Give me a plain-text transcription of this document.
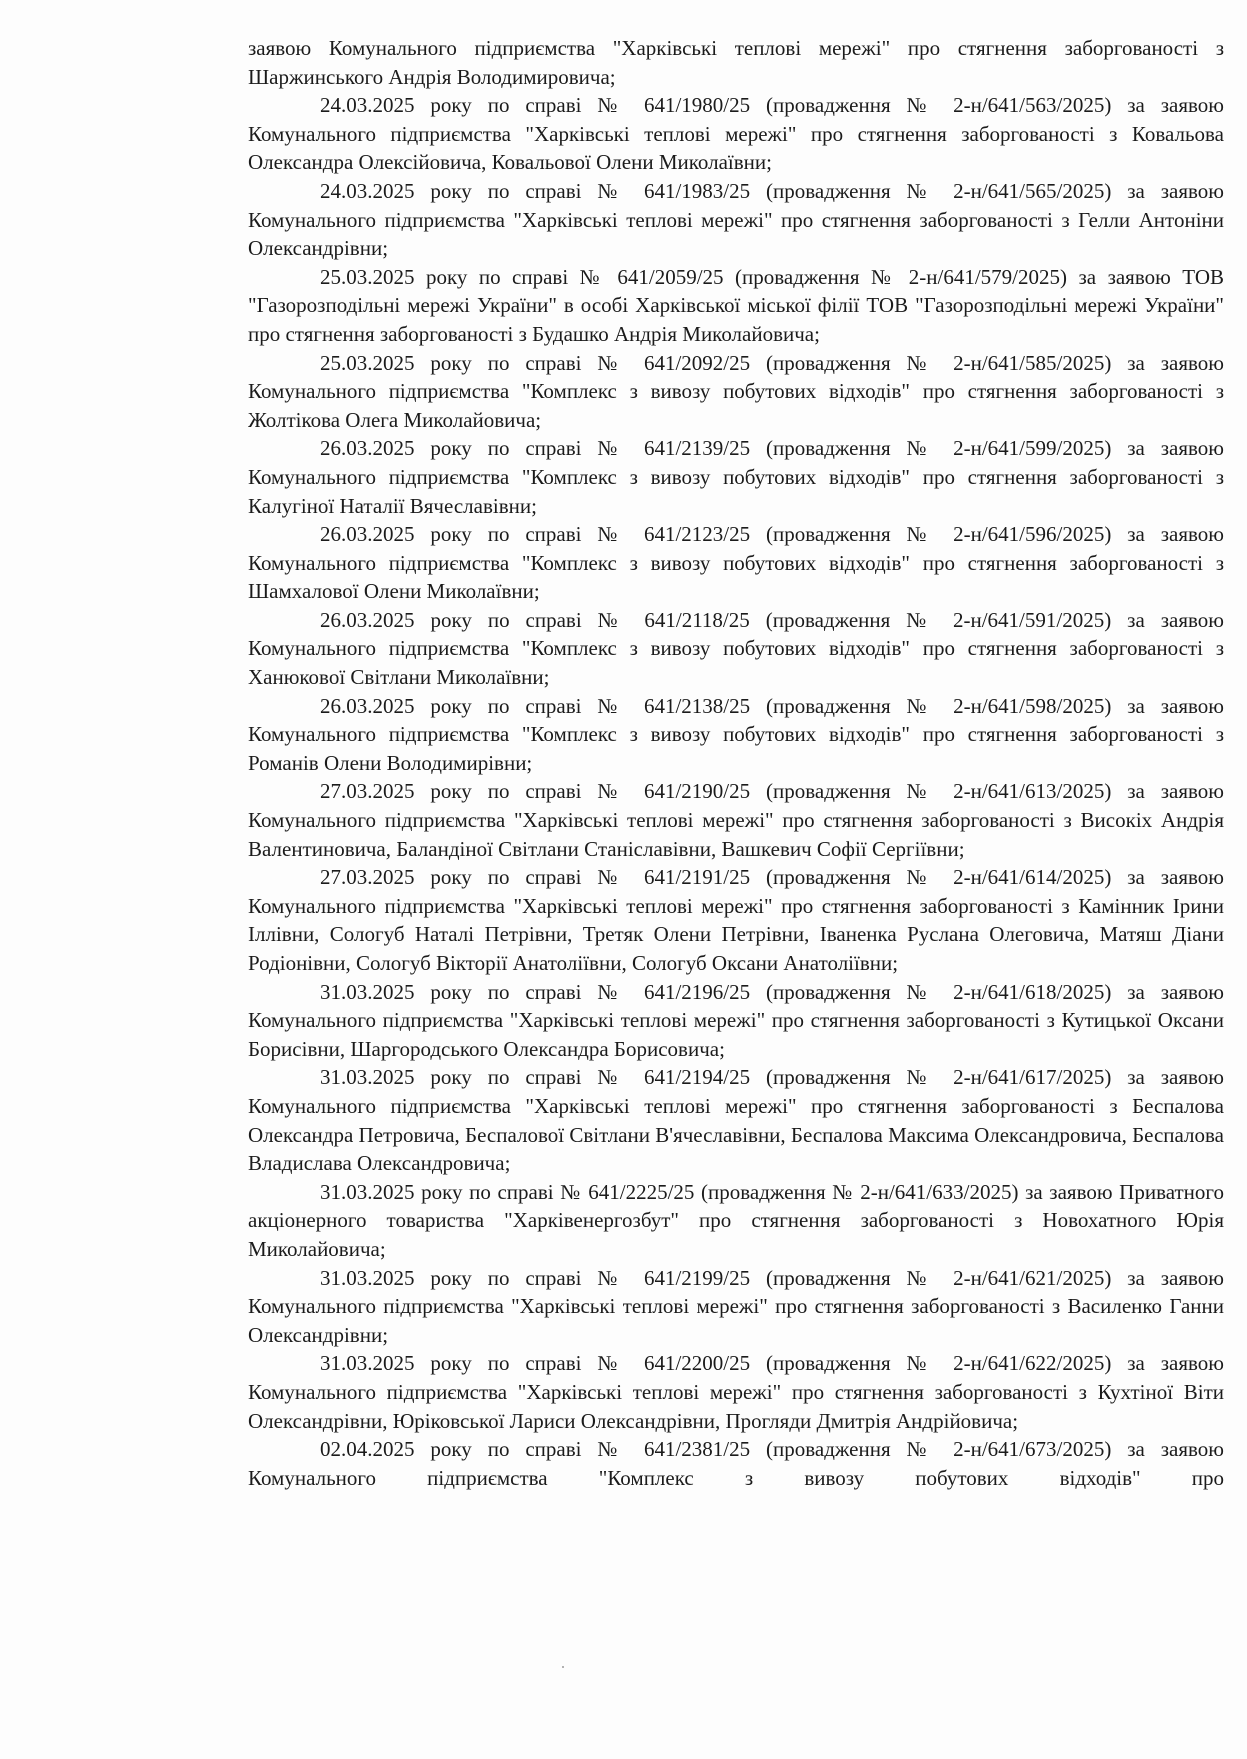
заявою Комунального підприємства "Харківські теплові мережі" про стягнення заборгованості з Шаржинського Андрія Володимировича;

24.03.2025 року по справі № 641/1980/25 (провадження № 2-н/641/563/2025) за заявою Комунального підприємства "Харківські теплові мережі" про стягнення заборгованості з Ковальова Олександра Олексійовича, Ковальової Олени Миколаївни;

24.03.2025 року по справі № 641/1983/25 (провадження № 2-н/641/565/2025) за заявою Комунального підприємства "Харківські теплові мережі" про стягнення заборгованості з Гелли Антоніни Олександрівни;

25.03.2025 року по справі № 641/2059/25 (провадження № 2-н/641/579/2025) за заявою ТОВ "Газорозподільні мережі України" в особі Харківської міської філії ТОВ "Газорозподільні мережі України" про стягнення заборгованості з Будашко Андрія Миколайовича;

25.03.2025 року по справі № 641/2092/25 (провадження № 2-н/641/585/2025) за заявою Комунального підприємства "Комплекс з вивозу побутових відходів" про стягнення заборгованості з Жолтікова Олега Миколайовича;

26.03.2025 року по справі № 641/2139/25 (провадження № 2-н/641/599/2025) за заявою Комунального підприємства "Комплекс з вивозу побутових відходів" про стягнення заборгованості з Калугіної Наталії Вячеславівни;

26.03.2025 року по справі № 641/2123/25 (провадження № 2-н/641/596/2025) за заявою Комунального підприємства "Комплекс з вивозу побутових відходів" про стягнення заборгованості з Шамхалової Олени Миколаївни;

26.03.2025 року по справі № 641/2118/25 (провадження № 2-н/641/591/2025) за заявою Комунального підприємства "Комплекс з вивозу побутових відходів" про стягнення заборгованості з Ханюкової Світлани Миколаївни;

26.03.2025 року по справі № 641/2138/25 (провадження № 2-н/641/598/2025) за заявою Комунального підприємства "Комплекс з вивозу побутових відходів" про стягнення заборгованості з Романів Олени Володимирівни;

27.03.2025 року по справі № 641/2190/25 (провадження № 2-н/641/613/2025) за заявою Комунального підприємства "Харківські теплові мережі" про стягнення заборгованості з Високіх Андрія Валентиновича, Баландіної Світлани Станіславівни, Вашкевич Софії Сергіївни;

27.03.2025 року по справі № 641/2191/25 (провадження № 2-н/641/614/2025) за заявою Комунального підприємства "Харківські теплові мережі" про стягнення заборгованості з Камінник Ірини Іллівни, Сологуб Наталі Петрівни, Третяк Олени Петрівни, Іваненка Руслана Олеговича, Матяш Діани Родіонівни, Сологуб Вікторії Анатоліївни, Сологуб Оксани Анатоліївни;

31.03.2025 року по справі № 641/2196/25 (провадження № 2-н/641/618/2025) за заявою Комунального підприємства "Харківські теплові мережі" про стягнення заборгованості з Кутицької Оксани Борисівни, Шаргородського Олександра Борисовича;

31.03.2025 року по справі № 641/2194/25 (провадження № 2-н/641/617/2025) за заявою Комунального підприємства "Харківські теплові мережі" про стягнення заборгованості з Беспалова Олександра Петровича, Беспалової Світлани В'ячеславівни, Беспалова Максима Олександровича, Беспалова Владислава Олександровича;

31.03.2025 року по справі № 641/2225/25 (провадження № 2-н/641/633/2025) за заявою Приватного акціонерного товариства "Харківенергозбут" про стягнення заборгованості з Новохатного Юрія Миколайовича;

31.03.2025 року по справі № 641/2199/25 (провадження № 2-н/641/621/2025) за заявою Комунального підприємства "Харківські теплові мережі" про стягнення заборгованості з Василенко Ганни Олександрівни;

31.03.2025 року по справі № 641/2200/25 (провадження № 2-н/641/622/2025) за заявою Комунального підприємства "Харківські теплові мережі" про стягнення заборгованості з Кухтіної Віти Олександрівни, Юріковської Лариси Олександрівни, Прогляди Дмитрія Андрійовича;

02.04.2025 року по справі № 641/2381/25 (провадження № 2-н/641/673/2025) за заявою Комунального підприємства "Комплекс з вивозу побутових відходів" про
